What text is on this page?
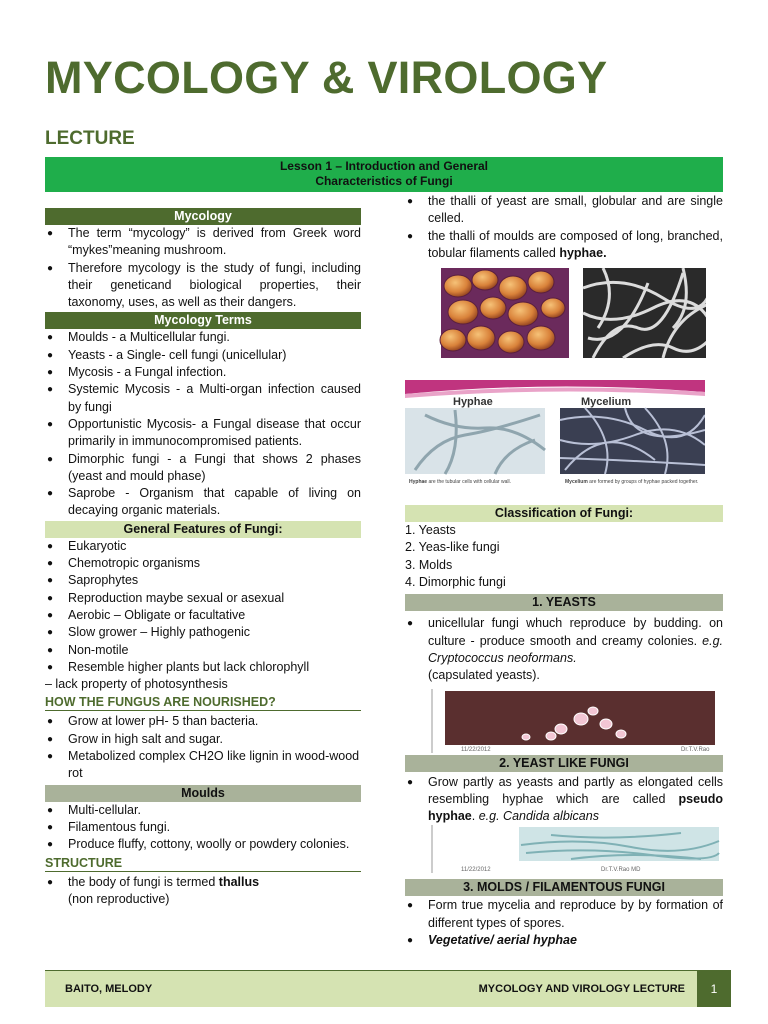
MYCOLOGY & VIROLOGY
LECTURE
Lesson 1 – Introduction and General
Characteristics of Fungi
Mycology
● The term “mycology” is derived from Greek word “mykes”meaning mushroom.
● Therefore mycology is the study of fungi, including their geneticand biological properties, their taxonomy, uses, as well as their dangers.
Mycology Terms
● Moulds - a Multicellular fungi.
● Yeasts - a Single- cell fungi (unicellular)
● Mycosis - a Fungal infection.
● Systemic Mycosis - a Multi-organ infection caused by fungi
● Opportunistic Mycosis- a Fungal disease that occur primarily in immunocompromised patients.
● Dimorphic fungi - a Fungi that shows 2 phases (yeast and mould phase)
● Saprobe - Organism that capable of living on decaying organic materials.
General Features of Fungi:
● Eukaryotic
● Chemotropic organisms
● Saprophytes
● Reproduction maybe sexual or asexual
● Aerobic – Obligate or facultative
● Slow grower – Highly pathogenic
● Non-motile
● Resemble higher plants but lack chlorophyll
– lack property of photosynthesis
HOW THE FUNGUS ARE NOURISHED?
● Grow at lower pH- 5 than bacteria.
● Grow in high salt and sugar.
● Metabolized complex CH2O like lignin in wood-wood rot
Moulds
● Multi-cellular.
● Filamentous fungi.
● Produce fluffy, cottony, woolly or powdery colonies.
STRUCTURE
● the body of fungi is termed thallus
(non reproductive)
● the thalli of yeast are small, globular and are single celled.
● the thalli of moulds are composed of long, branched, tobular filaments called hyphae.
Hyphae	Mycelium
Hyphae are the tubular cells with cellular wall.	Mycelium are formed by groups of hyphae packed together.
Classification of Fungi:
1. Yeasts
2. Yeas-like fungi
3. Molds
4. Dimorphic fungi
1. YEASTS
● unicellular fungi whuch reproduce by budding. on culture - produce smooth and creamy colonies. e.g. Cryptococcus neoformans.
(capsulated yeasts).
11/22/2012	Dr.T.V.Rao
2. YEAST LIKE FUNGI
● Grow partly as yeasts and partly as elongated cells resembling hyphae which are called pseudo hyphae. e.g. Candida albicans
11/22/2012	Dr.T.V.Rao MD
3. MOLDS / FILAMENTOUS FUNGI
● Form true mycelia and reproduce by by formation of different types of spores.
● Vegetative/ aerial hyphae
BAITO, MELODY	MYCOLOGY AND VIROLOGY LECTURE	1
